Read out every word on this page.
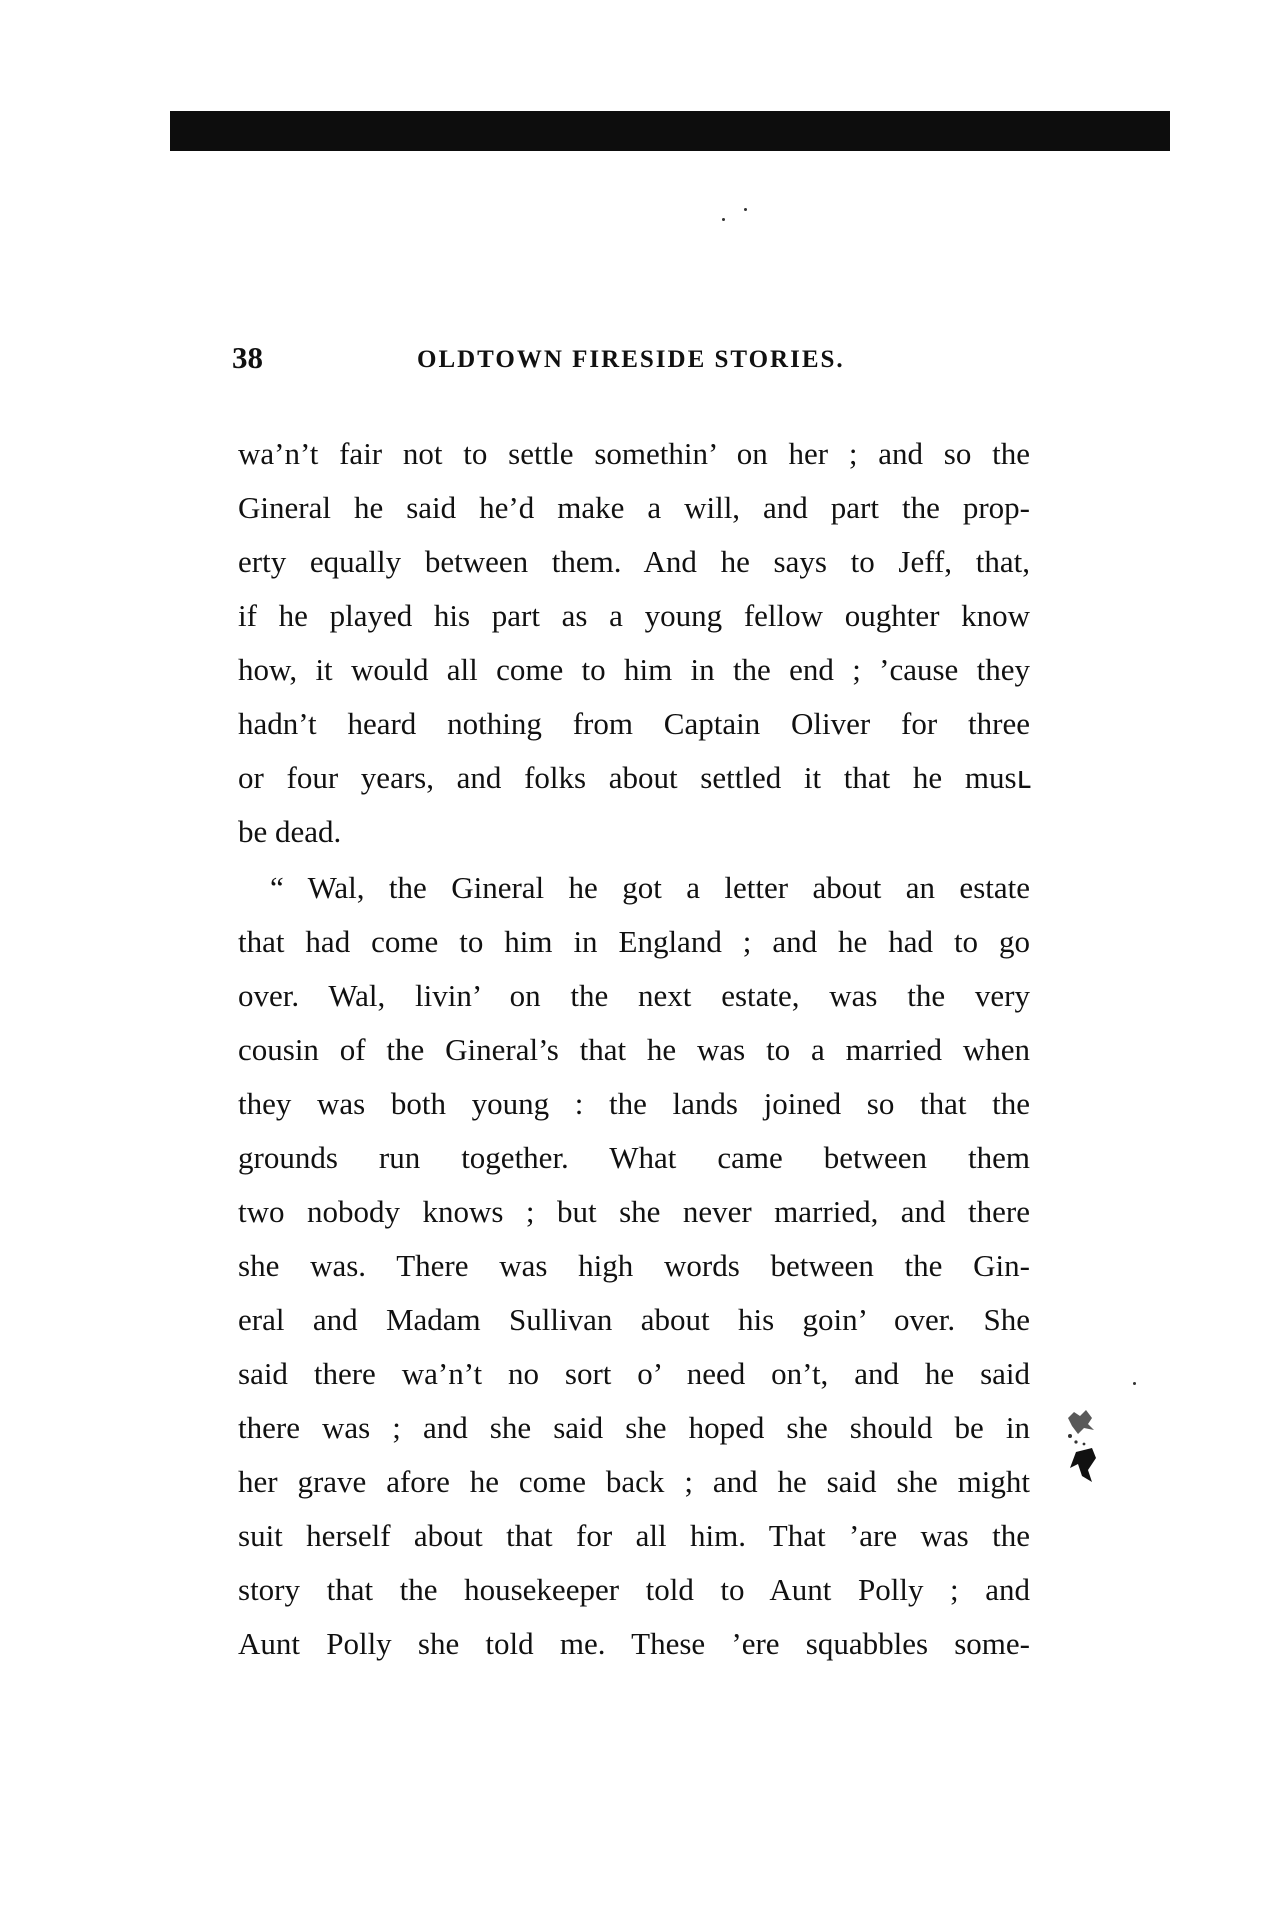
38	OLDTOWN FIRESIDE STORIES.
wa’n’t fair not to settle somethin’ on her ; and so the
Gineral he said he’d make a will, and part the prop-
erty equally between them. And he says to Jeff, that,
if he played his part as a young fellow oughter know
how, it would all come to him in the end ; ’cause they
hadn’t heard nothing from Captain Oliver for three
or four years, and folks about settled it that he musւ
be dead.
“ Wal, the Gineral he got a letter about an estate
that had come to him in England ; and he had to go
over. Wal, livin’ on the next estate, was the very
cousin of the Gineral’s that he was to a married when
they was both young : the lands joined so that the
grounds run together. What came between them
two nobody knows ; but she never married, and there
she was. There was high words between the Gin-
eral and Madam Sullivan about his goin’ over. She
said there wa’n’t no sort o’ need on’t, and he said
there was ; and she said she hoped she should be in
her grave afore he come back ; and he said she might
suit herself about that for all him. That ’are was the
story that the housekeeper told to Aunt Polly ; and
Aunt Polly she told me. These ’ere squabbles some-
